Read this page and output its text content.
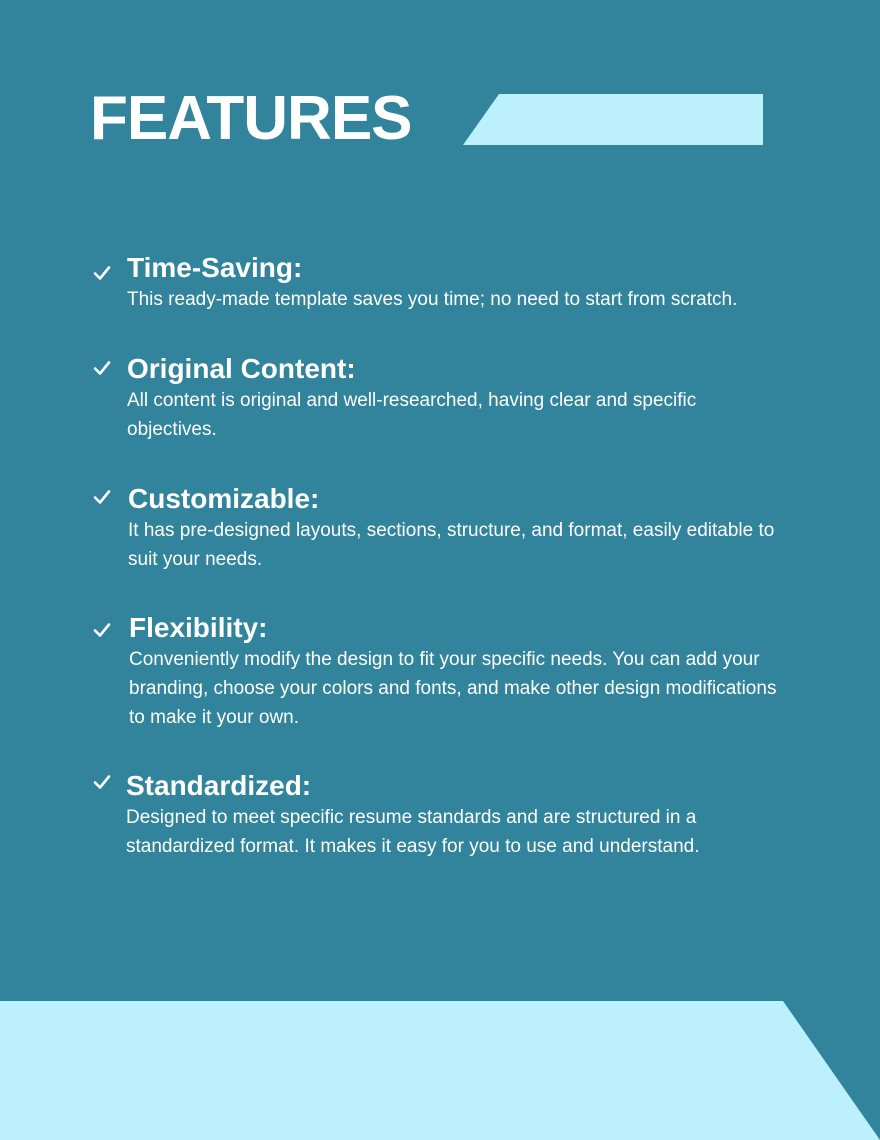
FEATURES
Time-Saving:

This ready-made template saves you time; no need to start from scratch.

Original Content:

All content is original and well-researched, having clear and specific objectives.

Customizable:

It has pre-designed layouts, sections, structure, and format, easily editable to suit your needs.

Flexibility:

Conveniently modify the design to fit your specific needs. You can add your branding, choose your colors and fonts, and make other design modifications to make it your own.

Standardized:

Designed to meet specific resume standards and are structured in a standardized format. It makes it easy for you to use and understand.
